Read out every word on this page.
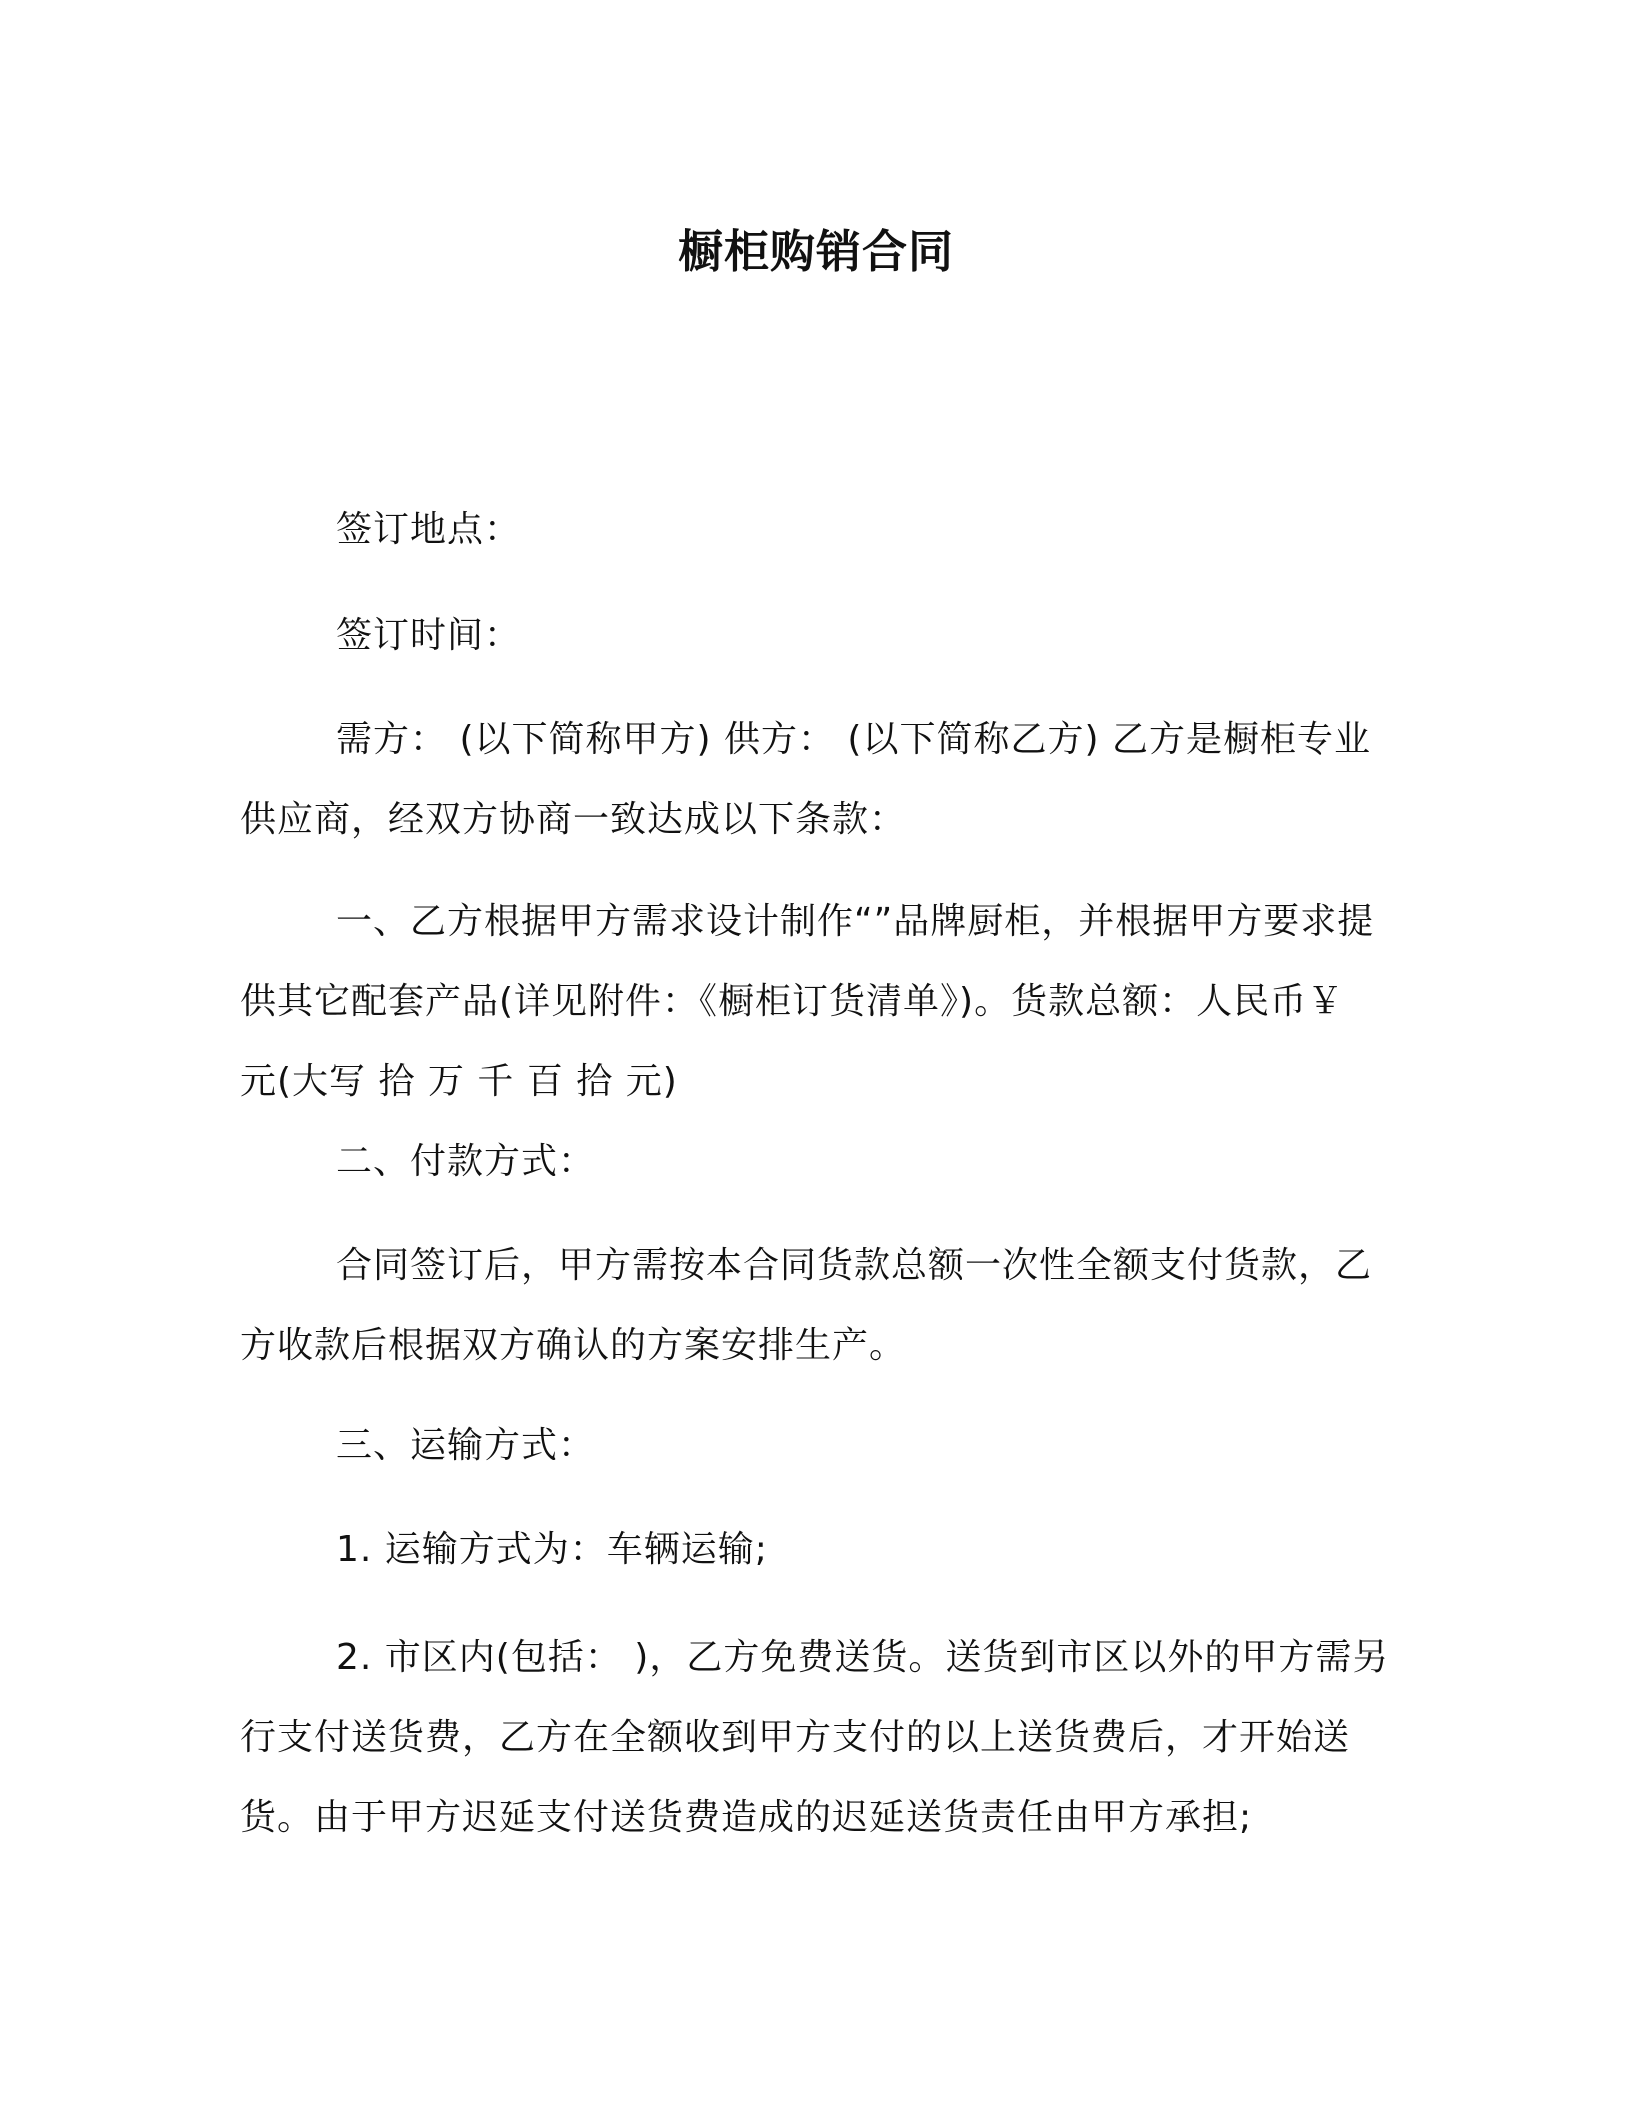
橱柜购销合同

签订地点：

签订时间：

需方： (以下简称甲方) 供方： (以下简称乙方) 乙方是橱柜专业供应商，经双方协商一致达成以下条款：

一、乙方根据甲方需求设计制作“”品牌厨柜，并根据甲方要求提供其它配套产品(详见附件：《橱柜订货清单》)。货款总额：人民币￥ 元(大写 拾 万 千 百 拾 元)

二、付款方式：

合同签订后，甲方需按本合同货款总额一次性全额支付货款，乙方收款后根据双方确认的方案安排生产。

三、运输方式：

1. 运输方式为：车辆运输;

2. 市区内(包括： )，乙方免费送货。送货到市区以外的甲方需另行支付送货费，乙方在全额收到甲方支付的以上送货费后，才开始送货。由于甲方迟延支付送货费造成的迟延送货责任由甲方承担;
